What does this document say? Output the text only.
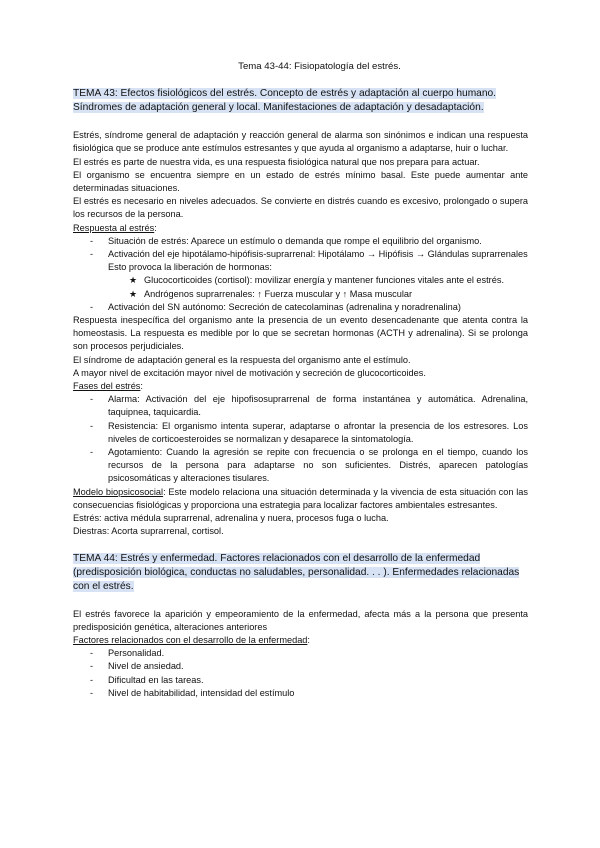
Tema 43-44: Fisiopatología del estrés.
TEMA 43: Efectos fisiológicos del estrés. Concepto de estrés y adaptación al cuerpo humano. Síndromes de adaptación general y local. Manifestaciones de adaptación y desadaptación.

Estrés, síndrome general de adaptación y reacción general de alarma son sinónimos e indican una respuesta fisiológica que se produce ante estímulos estresantes y que ayuda al organismo a adaptarse, huir o luchar.

El estrés es parte de nuestra vida, es una respuesta fisiológica natural que nos prepara para actuar.

El organismo se encuentra siempre en un estado de estrés mínimo basal. Este puede aumentar ante determinadas situaciones.

El estrés es necesario en niveles adecuados. Se convierte en distrés cuando es excesivo, prolongado o supera los recursos de la persona.

Respuesta al estrés:

- Situación de estrés: Aparece un estímulo o demanda que rompe el equilibrio del organismo.
- Activación del eje hipotálamo-hipófisis-suprarrenal: Hipotálamo → Hipófisis → Glándulas suprarrenales

Esto provoca la liberación de hormonas:

★ Glucocorticoides (cortisol): movilizar energía y mantener funciones vitales ante el estrés.
★ Andrógenos suprarrenales: ↑ Fuerza muscular y ↑ Masa muscular
- Activación del SN autónomo: Secreción de catecolaminas (adrenalina y noradrenalina)

Respuesta inespecífica del organismo ante la presencia de un evento desencadenante que atenta contra la homeostasis. La respuesta es medible por lo que se secretan hormonas (ACTH y adrenalina). Si se prolonga son procesos perjudiciales.

El síndrome de adaptación general es la respuesta del organismo ante el estímulo.

A mayor nivel de excitación mayor nivel de motivación y secreción de glucocorticoides.

Fases del estrés:

- Alarma: Activación del eje hipofisosuprarrenal de forma instantánea y automática. Adrenalina, taquipnea, taquicardia.
- Resistencia: El organismo intenta superar, adaptarse o afrontar la presencia de los estresores. Los niveles de corticoesteroides se normalizan y desaparece la sintomatología.
- Agotamiento: Cuando la agresión se repite con frecuencia o se prolonga en el tiempo, cuando los recursos de la persona para adaptarse no son suficientes. Distrés, aparecen patologías psicosomáticas y alteraciones tisulares.

Modelo biopsicosocial: Este modelo relaciona una situación determinada y la vivencia de esta situación con las consecuencias fisiológicas y proporciona una estrategia para localizar factores ambientales estresantes.

Estrés: activa médula suprarrenal, adrenalina y nuera, procesos fuga o lucha.

Diestras: Acorta suprarrenal, cortisol.

TEMA 44: Estrés y enfermedad. Factores relacionados con el desarrollo de la enfermedad (predisposición biológica, conductas no saludables, personalidad. . . ). Enfermedades relacionadas con el estrés.

El estrés favorece la aparición y empeoramiento de la enfermedad, afecta más a la persona que presenta predisposición genética, alteraciones anteriores

Factores relacionados con el desarrollo de la enfermedad:

- Personalidad.
- Nivel de ansiedad.
- Dificultad en las tareas.
- Nivel de habitabilidad, intensidad del estímulo
